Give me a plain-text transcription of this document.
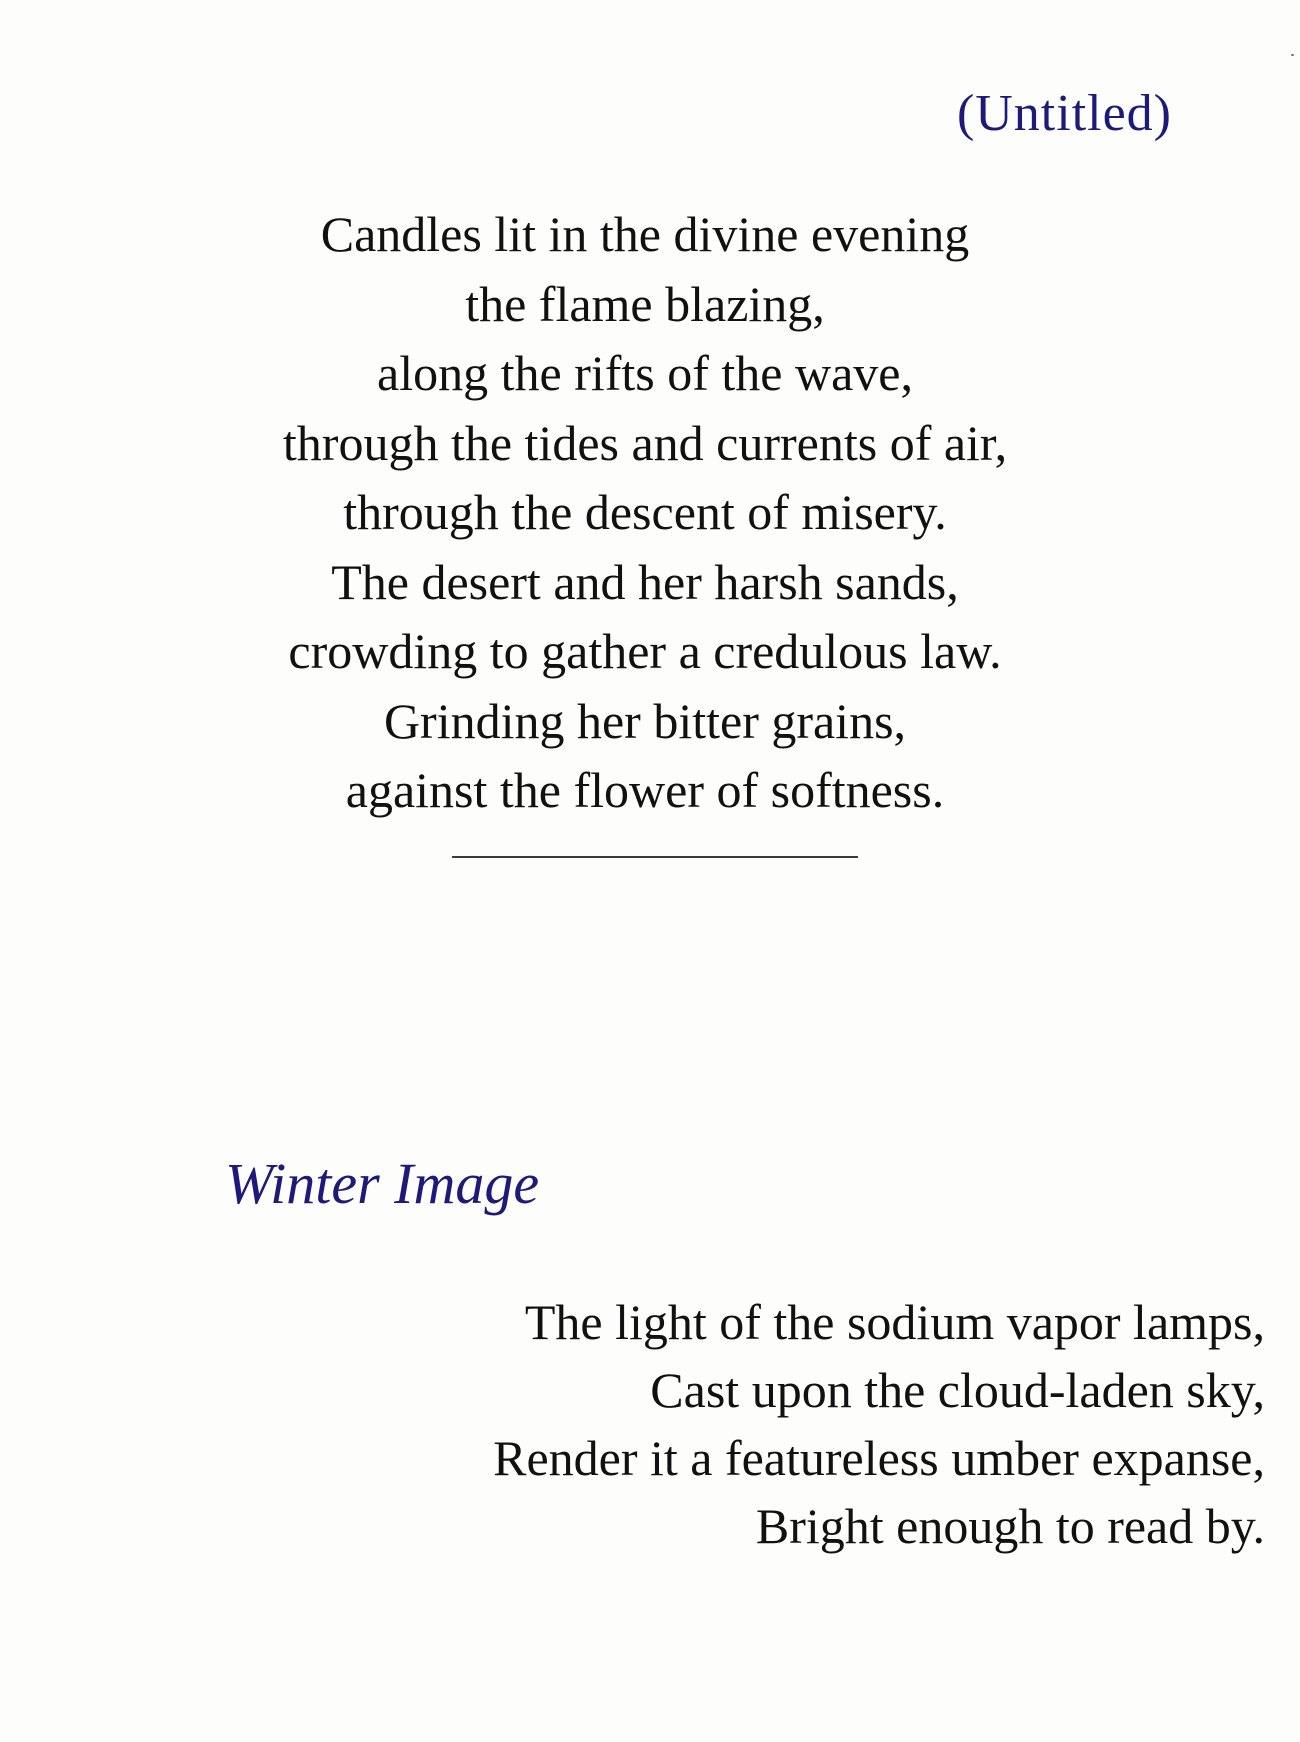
(Untitled)
Candles lit in the divine evening
the flame blazing,
along the rifts of the wave,
through the tides and currents of air,
through the descent of misery.
The desert and her harsh sands,
crowding to gather a credulous law.
Grinding her bitter grains,
against the flower of softness.
Winter Image
The light of the sodium vapor lamps,
Cast upon the cloud-laden sky,
Render it a featureless umber expanse,
Bright enough to read by.
